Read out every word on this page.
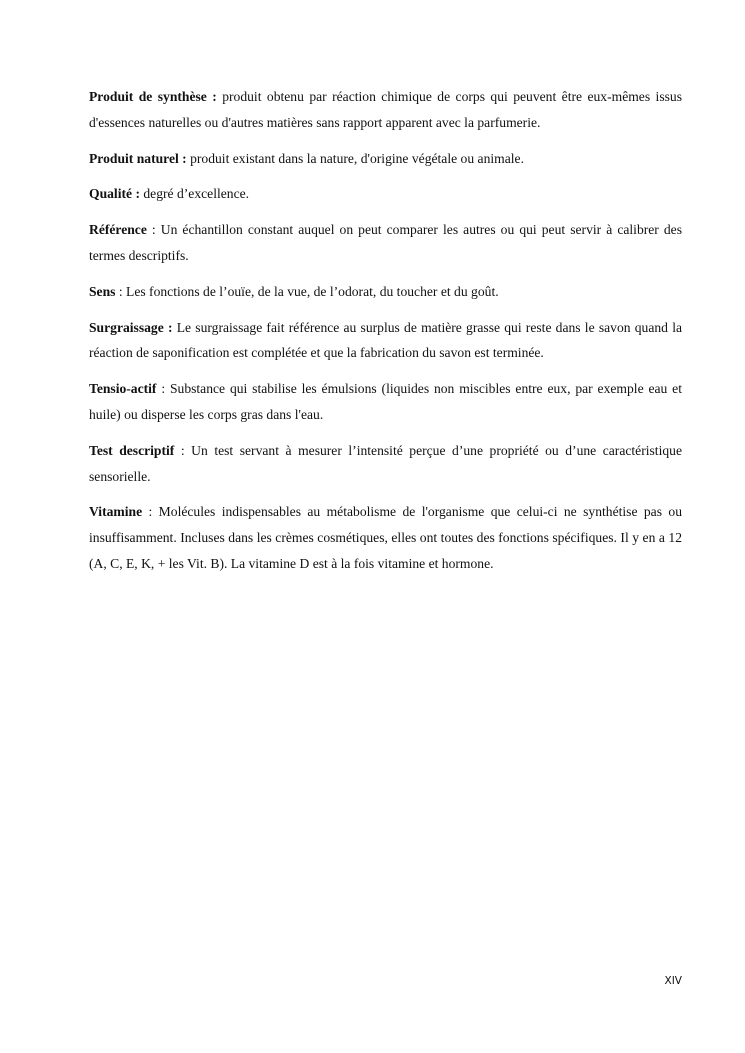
Produit de synthèse : produit obtenu par réaction chimique de corps qui peuvent être eux-mêmes issus d'essences naturelles ou d'autres matières sans rapport apparent avec la parfumerie.

Produit naturel : produit existant dans la nature, d'origine végétale ou animale.

Qualité : degré d’excellence.

Référence : Un échantillon constant auquel on peut comparer les autres ou qui peut servir à calibrer des termes descriptifs.

Sens : Les fonctions de l’ouïe, de la vue, de l’odorat, du toucher et du goût.

Surgraissage : Le surgraissage fait référence au surplus de matière grasse qui reste dans le savon quand la réaction de saponification est complétée et que la fabrication du savon est terminée.

Tensio-actif : Substance qui stabilise les émulsions (liquides non miscibles entre eux, par exemple eau et huile) ou disperse les corps gras dans l'eau.

Test descriptif : Un test servant à mesurer l’intensité perçue d’une propriété ou d’une caractéristique sensorielle.

Vitamine : Molécules indispensables au métabolisme de l'organisme que celui-ci ne synthétise pas ou insuffisamment. Incluses dans les crèmes cosmétiques, elles ont toutes des fonctions spécifiques. Il y en a 12 (A, C, E, K, + les Vit. B). La vitamine D est à la fois vitamine et hormone.

XIV
